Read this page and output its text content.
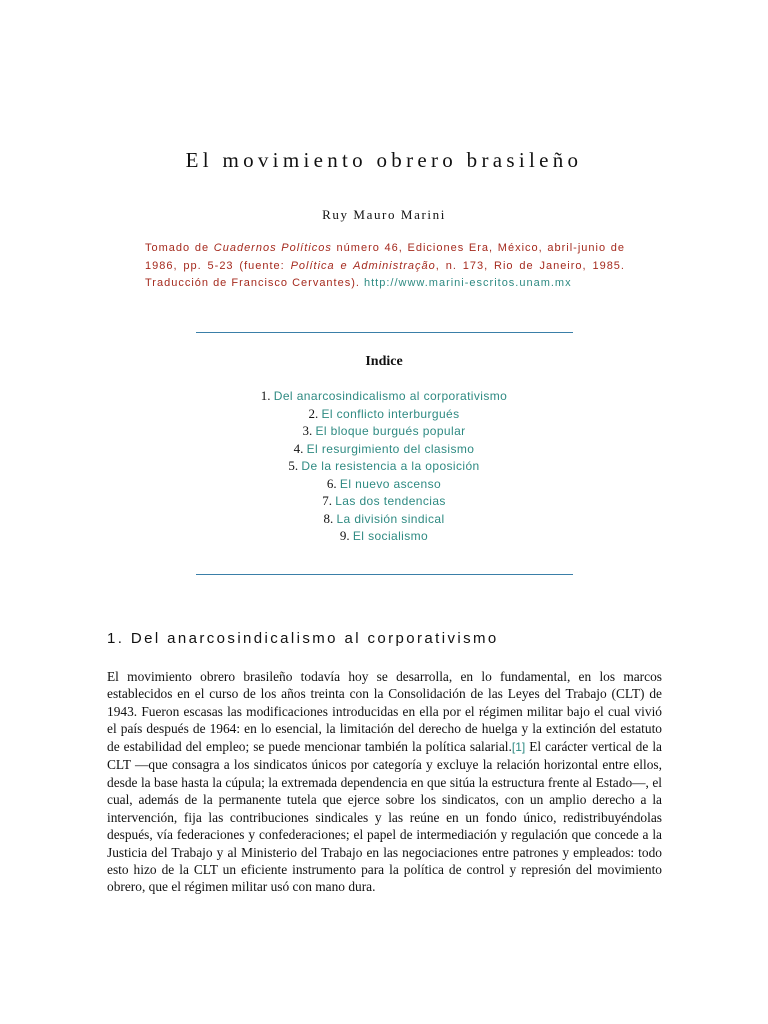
El movimiento obrero brasileño
Ruy Mauro Marini
Tomado de Cuadernos Políticos número 46, Ediciones Era, México, abril-junio de 1986, pp. 5-23 (fuente: Política e Administração, n. 173, Rio de Janeiro, 1985. Traducción de Francisco Cervantes). http://www.marini-escritos.unam.mx
Indice
1. Del anarcosindicalismo al corporativismo
2. El conflicto interburgués
3. El bloque burgués popular
4. El resurgimiento del clasismo
5. De la resistencia a la oposición
6. El nuevo ascenso
7. Las dos tendencias
8. La división sindical
9. El socialismo
1. Del anarcosindicalismo al corporativismo

El movimiento obrero brasileño todavía hoy se desarrolla, en lo fundamental, en los marcos establecidos en el curso de los años treinta con la Consolidación de las Leyes del Trabajo (CLT) de 1943. Fueron escasas las modificaciones introducidas en ella por el régimen militar bajo el cual vivió el país después de 1964: en lo esencial, la limitación del derecho de huelga y la extinción del estatuto de estabilidad del empleo; se puede mencionar también la política salarial.[1] El carácter vertical de la CLT —que consagra a los sindicatos únicos por categoría y excluye la relación horizontal entre ellos, desde la base hasta la cúpula; la extremada dependencia en que sitúa la estructura frente al Estado—, el cual, además de la permanente tutela que ejerce sobre los sindicatos, con un amplio derecho a la intervención, fija las contribuciones sindicales y las reúne en un fondo único, redistribuyéndolas después, vía federaciones y confederaciones; el papel de intermediación y regulación que concede a la Justicia del Trabajo y al Ministerio del Trabajo en las negociaciones entre patrones y empleados: todo esto hizo de la CLT un eficiente instrumento para la política de control y represión del movimiento obrero, que el régimen militar usó con mano dura.
